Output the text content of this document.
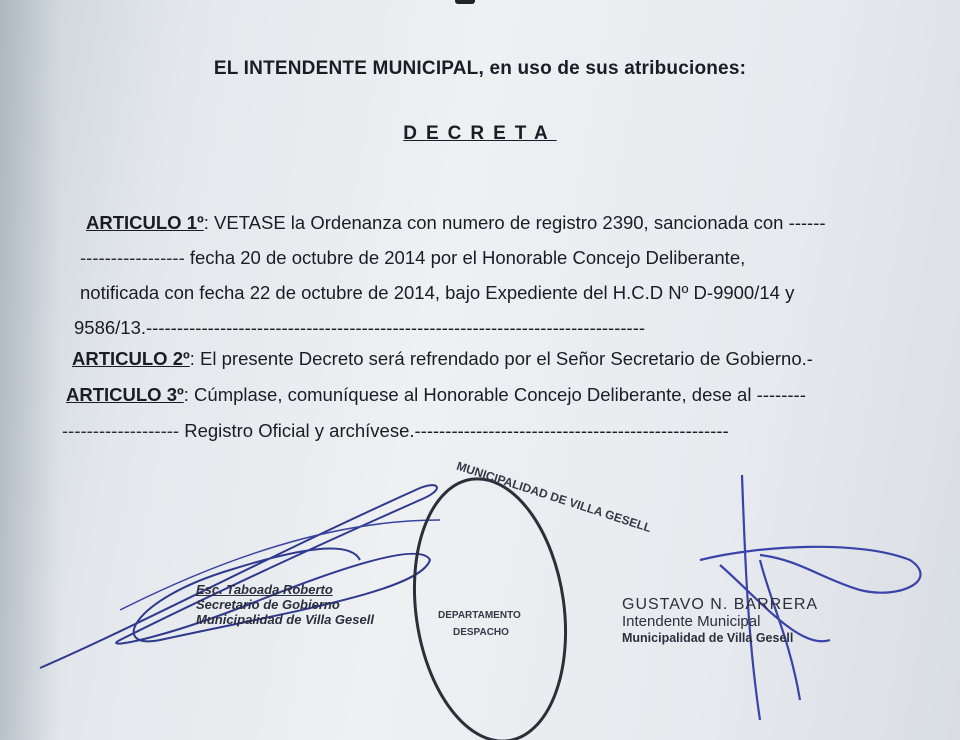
EL INTENDENTE MUNICIPAL, en uso de sus atribuciones:
DECRETA
ARTICULO 1º: VETASE la Ordenanza con numero de registro 2390, sancionada con ------
----------------- fecha 20 de octubre de 2014 por el Honorable Concejo Deliberante,
notificada con fecha 22 de octubre de 2014, bajo Expediente del H.C.D Nº D-9900/14 y
9586/13.---------------------------------------------------------------------------------
ARTICULO 2º: El presente Decreto será refrendado por el Señor Secretario de Gobierno.-
ARTICULO 3º: Cúmplase, comuníquese al Honorable Concejo Deliberante, dese al --------
------------------- Registro Oficial y archívese.---------------------------------------------------
DEPARTAMENTO
DESPACHO
MUNICIPALIDAD DE VILLA GESELL
Esc. Taboada Roberto
Secretario de Gobierno
Municipalidad de Villa Gesell
GUSTAVO N. BARRERA
Intendente Municipal
Municipalidad de Villa Gesell
